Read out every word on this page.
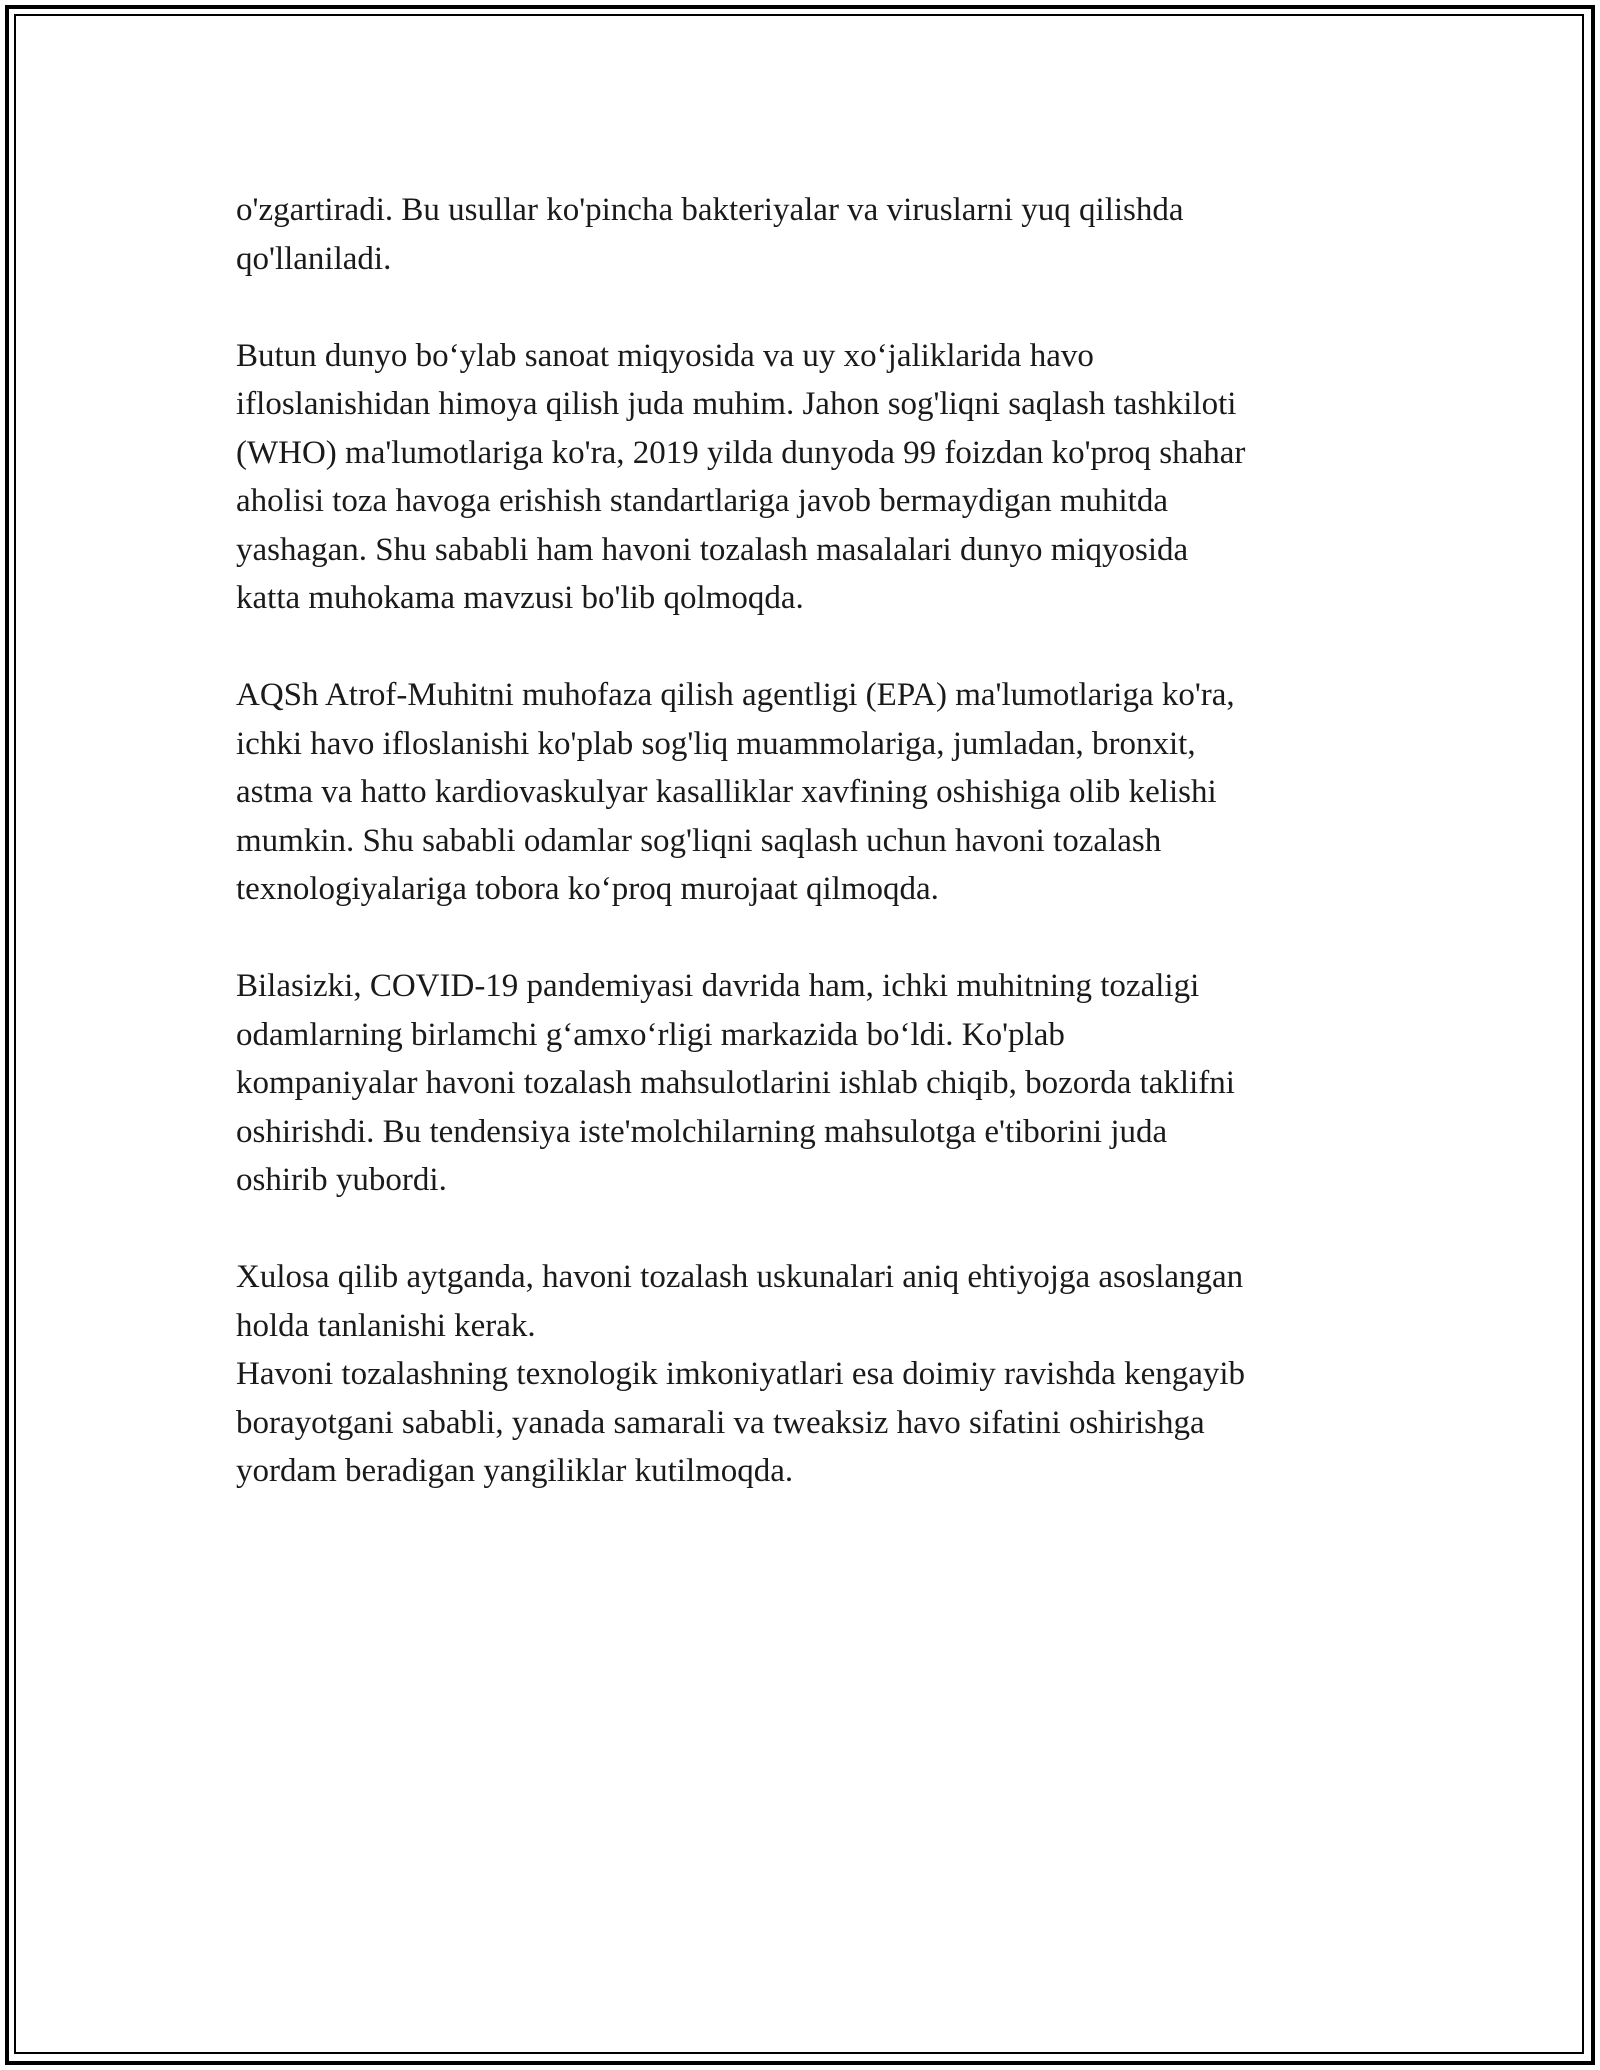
o'zgartiradi. Bu usullar ko'pincha bakteriyalar va viruslarni yuq qilishda
qo'llaniladi.

Butun dunyo bo‘ylab sanoat miqyosida va uy xo‘jaliklarida havo
ifloslanishidan himoya qilish juda muhim. Jahon sog'liqni saqlash tashkiloti
(WHO) ma'lumotlariga ko'ra, 2019 yilda dunyoda 99 foizdan ko'proq shahar
aholisi toza havoga erishish standartlariga javob bermaydigan muhitda
yashagan. Shu sababli ham havoni tozalash masalalari dunyo miqyosida
katta muhokama mavzusi bo'lib qolmoqda.

AQSh Atrof-Muhitni muhofaza qilish agentligi (EPA) ma'lumotlariga ko'ra,
ichki havo ifloslanishi ko'plab sog'liq muammolariga, jumladan, bronxit,
astma va hatto kardiovaskulyar kasalliklar xavfining oshishiga olib kelishi
mumkin. Shu sababli odamlar sog'liqni saqlash uchun havoni tozalash
texnologiyalariga tobora ko‘proq murojaat qilmoqda.

Bilasizki, COVID-19 pandemiyasi davrida ham, ichki muhitning tozaligi
odamlarning birlamchi g‘amxo‘rligi markazida bo‘ldi. Ko'plab
kompaniyalar havoni tozalash mahsulotlarini ishlab chiqib, bozorda taklifni
oshirishdi. Bu tendensiya iste'molchilarning mahsulotga e'tiborini juda
oshirib yubordi.

Xulosa qilib aytganda, havoni tozalash uskunalari aniq ehtiyojga asoslangan
holda tanlanishi kerak.
Havoni tozalashning texnologik imkoniyatlari esa doimiy ravishda kengayib
borayotgani sababli, yanada samarali va tweaksiz havo sifatini oshirishga
yordam beradigan yangiliklar kutilmoqda.
